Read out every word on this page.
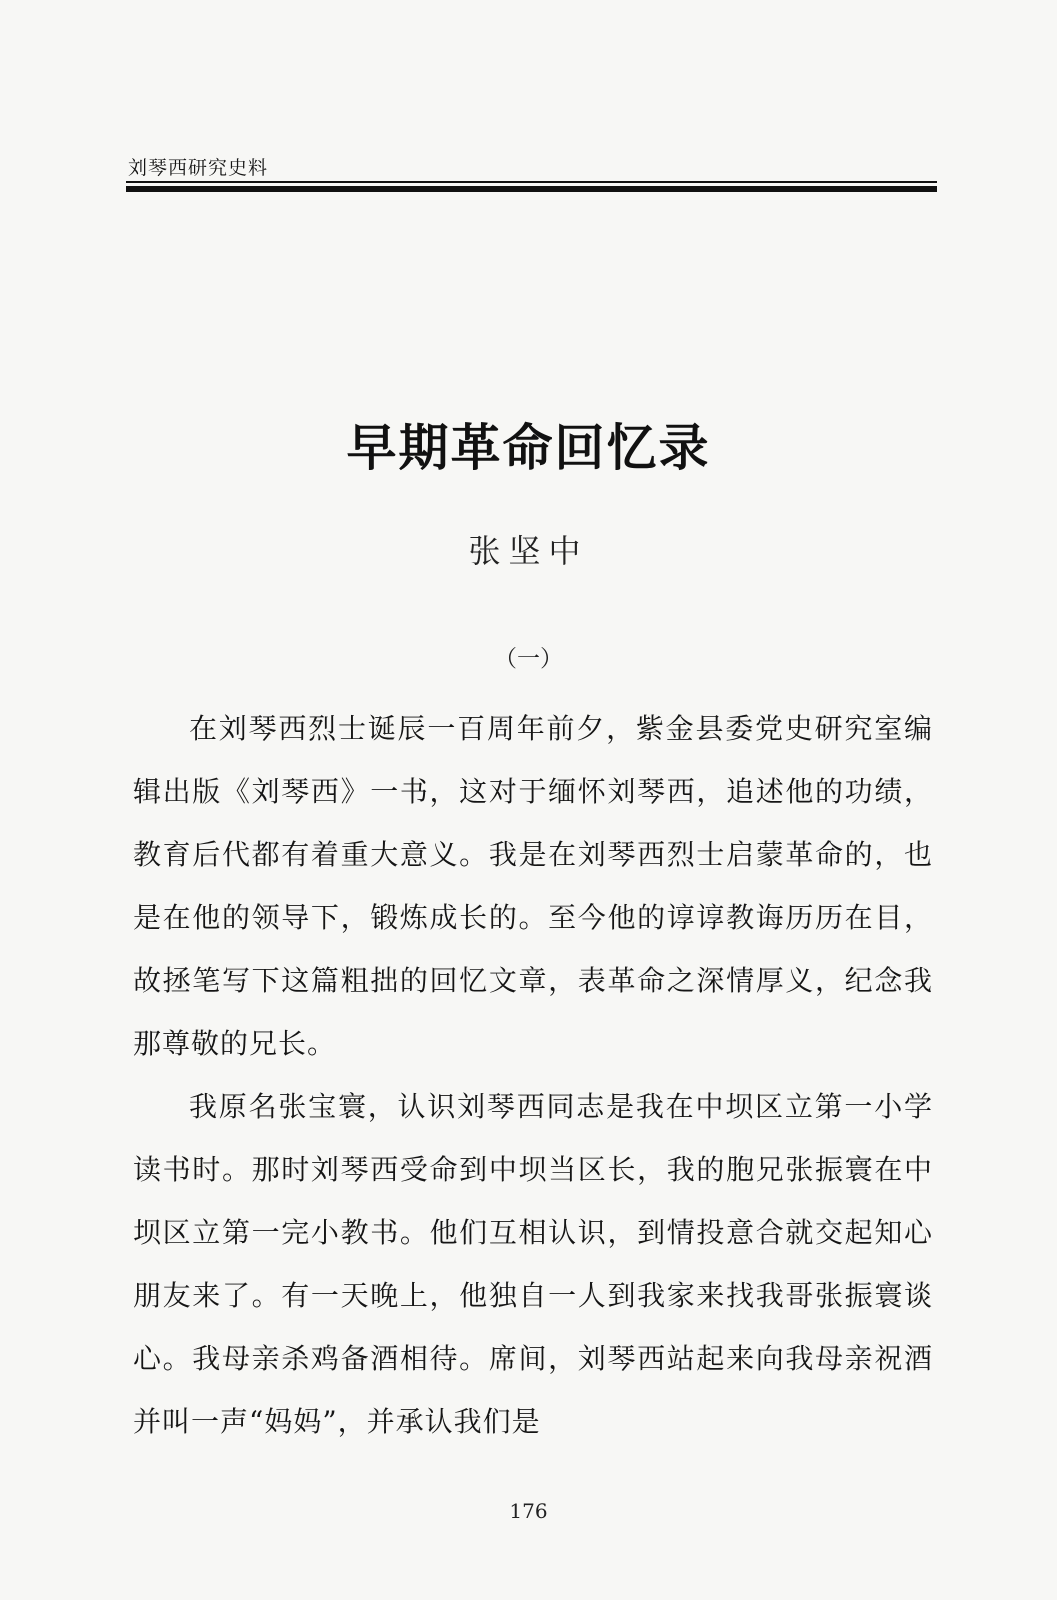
刘琴西研究史料
早期革命回忆录
张坚中
（一）

在刘琴西烈士诞辰一百周年前夕，紫金县委党史研究室编辑出版《刘琴西》一书，这对于缅怀刘琴西，追述他的功绩，教育后代都有着重大意义。我是在刘琴西烈士启蒙革命的，也是在他的领导下，锻炼成长的。至今他的谆谆教诲历历在目，故拯笔写下这篇粗拙的回忆文章，表革命之深情厚义，纪念我那尊敬的兄长。

我原名张宝寰，认识刘琴西同志是我在中坝区立第一小学读书时。那时刘琴西受命到中坝当区长，我的胞兄张振寰在中坝区立第一完小教书。他们互相认识，到情投意合就交起知心朋友来了。有一天晚上，他独自一人到我家来找我哥张振寰谈心。我母亲杀鸡备酒相待。席间，刘琴西站起来向我母亲祝酒并叫一声“妈妈”，并承认我们是

176
